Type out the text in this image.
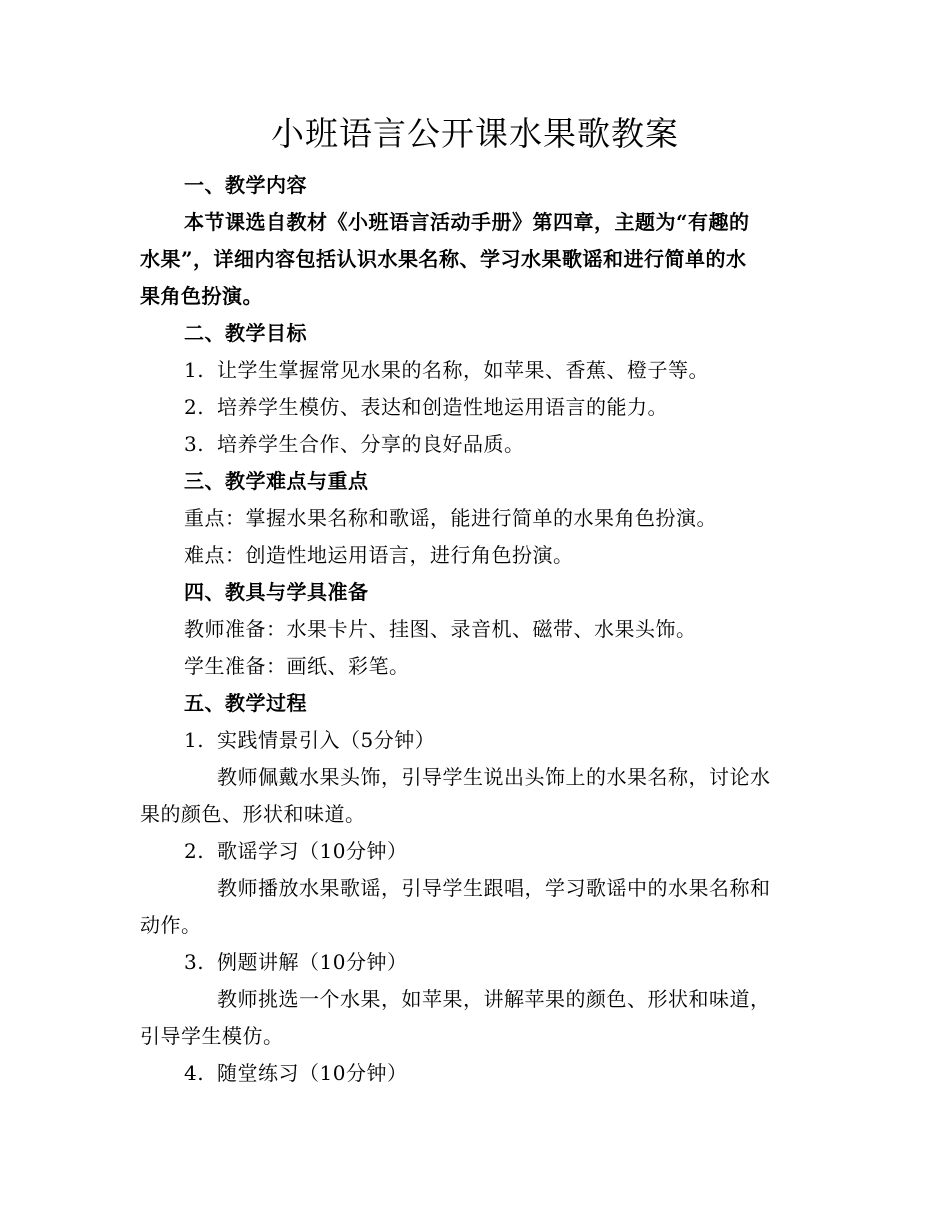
小班语言公开课水果歌教案
一、教学内容
本节课选自教材《小班语言活动手册》第四章，主题为“有趣的
水果”，详细内容包括认识水果名称、学习水果歌谣和进行简单的水
果角色扮演。
二、教学目标
1. 让学生掌握常见水果的名称，如苹果、香蕉、橙子等。
2. 培养学生模仿、表达和创造性地运用语言的能力。
3. 培养学生合作、分享的良好品质。
三、教学难点与重点
重点：掌握水果名称和歌谣，能进行简单的水果角色扮演。
难点：创造性地运用语言，进行角色扮演。
四、教具与学具准备
教师准备：水果卡片、挂图、录音机、磁带、水果头饰。
学生准备：画纸、彩笔。
五、教学过程
1. 实践情景引入（5分钟）
教师佩戴水果头饰，引导学生说出头饰上的水果名称，讨论水
果的颜色、形状和味道。
2. 歌谣学习（10分钟）
教师播放水果歌谣，引导学生跟唱，学习歌谣中的水果名称和
动作。
3. 例题讲解（10分钟）
教师挑选一个水果，如苹果，讲解苹果的颜色、形状和味道，
引导学生模仿。
4. 随堂练习（10分钟）
